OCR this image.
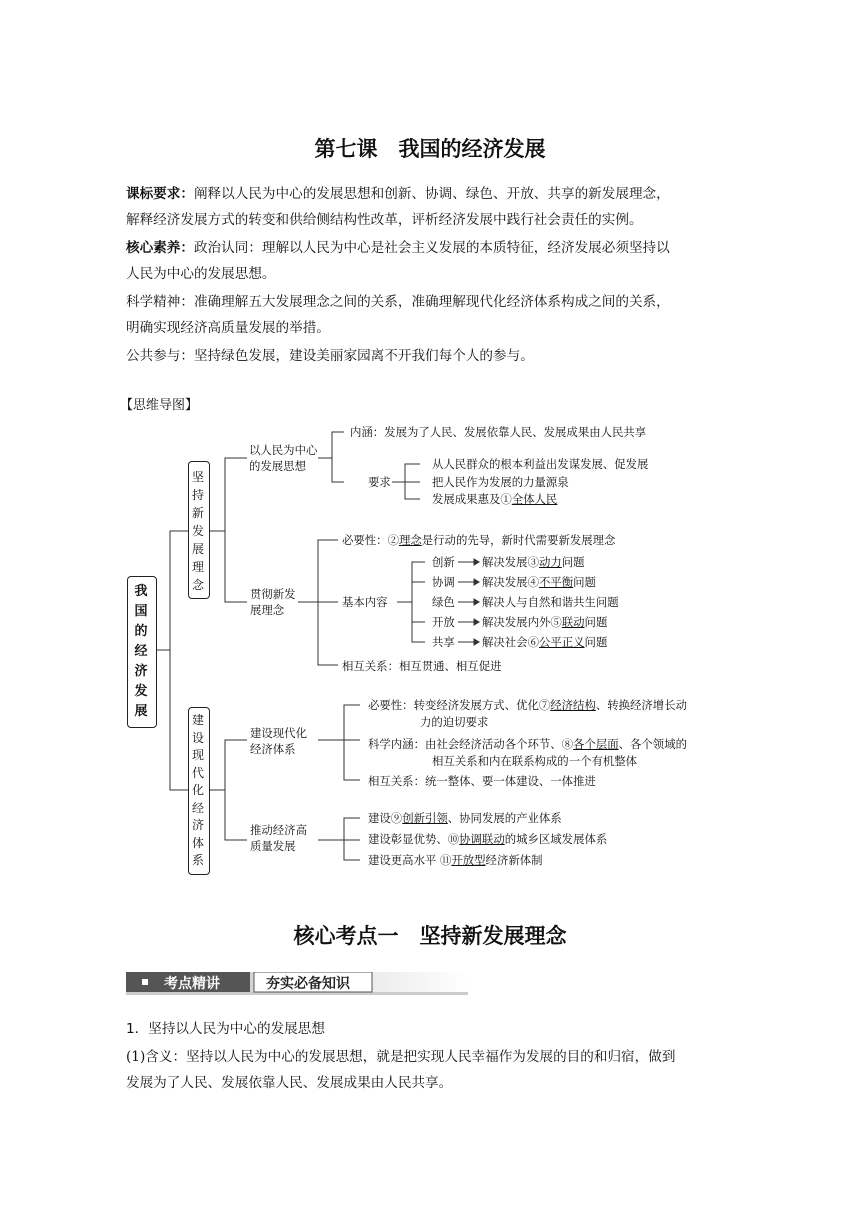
第七课　我国的经济发展
课标要求：阐释以人民为中心的发展思想和创新、协调、绿色、开放、共享的新发展理念，
解释经济发展方式的转变和供给侧结构性改革，评析经济发展中践行社会责任的实例。
核心素养：政治认同：理解以人民为中心是社会主义发展的本质特征，经济发展必须坚持以
人民为中心的发展思想。
科学精神：准确理解五大发展理念之间的关系，准确理解现代化经济体系构成之间的关系，
明确实现经济高质量发展的举措。
公共参与：坚持绿色发展，建设美丽家园离不开我们每个人的参与。
【思维导图】
我
国
的
经
济
发
展
坚
持
新
发
展
理
念
建
设
现
代
化
经
济
体
系
以人民为中心
的发展思想
内涵：发展为了人民、发展依靠人民、发展成果由人民共享
要求
从人民群众的根本利益出发谋发展、促发展
把人民作为发展的力量源泉
发展成果惠及①全体人民
贯彻新发
展理念
必要性：②理念是行动的先导，新时代需要新发展理念
基本内容
创新 解决发展③动力问题
协调 解决发展④不平衡问题
绿色 解决人与自然和谐共生问题
开放 解决发展内外⑤联动问题
共享 解决社会⑥公平正义问题
相互关系：相互贯通、相互促进
建设现代化
经济体系
必要性：转变经济发展方式、优化⑦经济结构、转换经济增长动
力的迫切要求
科学内涵：由社会经济活动各个环节、⑧各个层面、各个领域的
相互关系和内在联系构成的一个有机整体
相互关系：统一整体、要一体建设、一体推进
推动经济高
质量发展
建设⑨创新引领、协同发展的产业体系
建设彰显优势、⑩协调联动的城乡区域发展体系
建设更高水平 ⑪开放型经济新体制
核心考点一　坚持新发展理念
考点精讲	夯实必备知识
1．坚持以人民为中心的发展思想
(1)含义：坚持以人民为中心的发展思想，就是把实现人民幸福作为发展的目的和归宿，做到
发展为了人民、发展依靠人民、发展成果由人民共享。
